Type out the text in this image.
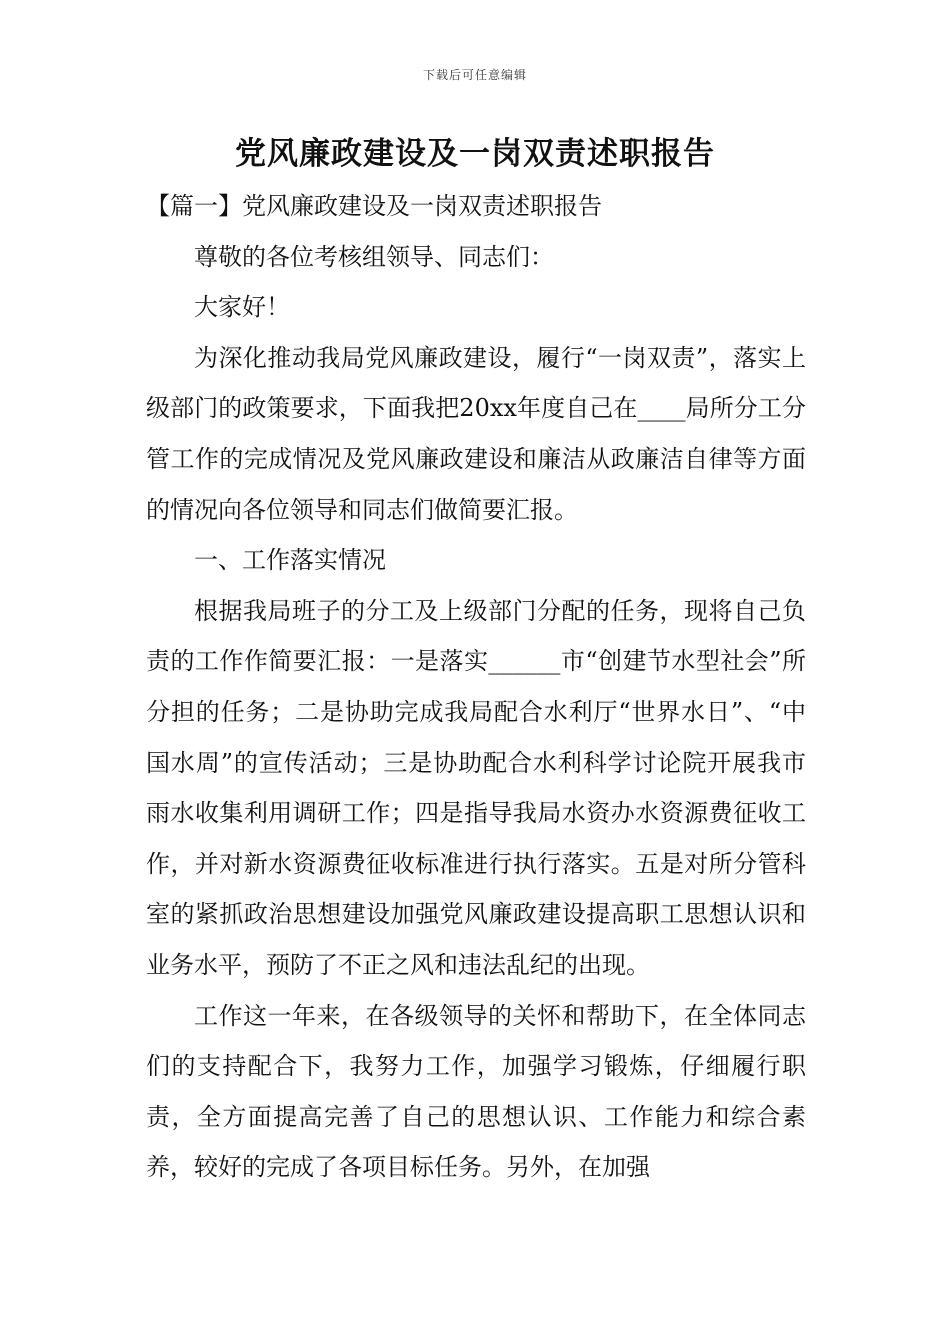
下载后可任意编辑
党风廉政建设及一岗双责述职报告

【篇一】党风廉政建设及一岗双责述职报告

尊敬的各位考核组领导、同志们：

大家好！

为深化推动我局党风廉政建设，履行“一岗双责”，落实上级部门的政策要求，下面我把20xx年度自己在____局所分工分管工作的完成情况及党风廉政建设和廉洁从政廉洁自律等方面的情况向各位领导和同志们做简要汇报。

一、工作落实情况

根据我局班子的分工及上级部门分配的任务，现将自己负责的工作作简要汇报：一是落实______市“创建节水型社会”所分担的任务；二是协助完成我局配合水利厅“世界水日”、“中国水周”的宣传活动；三是协助配合水利科学讨论院开展我市雨水收集利用调研工作；四是指导我局水资办水资源费征收工作，并对新水资源费征收标准进行执行落实。五是对所分管科室的紧抓政治思想建设加强党风廉政建设提高职工思想认识和业务水平，预防了不正之风和违法乱纪的出现。

工作这一年来，在各级领导的关怀和帮助下，在全体同志们的支持配合下，我努力工作，加强学习锻炼，仔细履行职责，全方面提高完善了自己的思想认识、工作能力和综合素养，较好的完成了各项目标任务。另外，在加强
